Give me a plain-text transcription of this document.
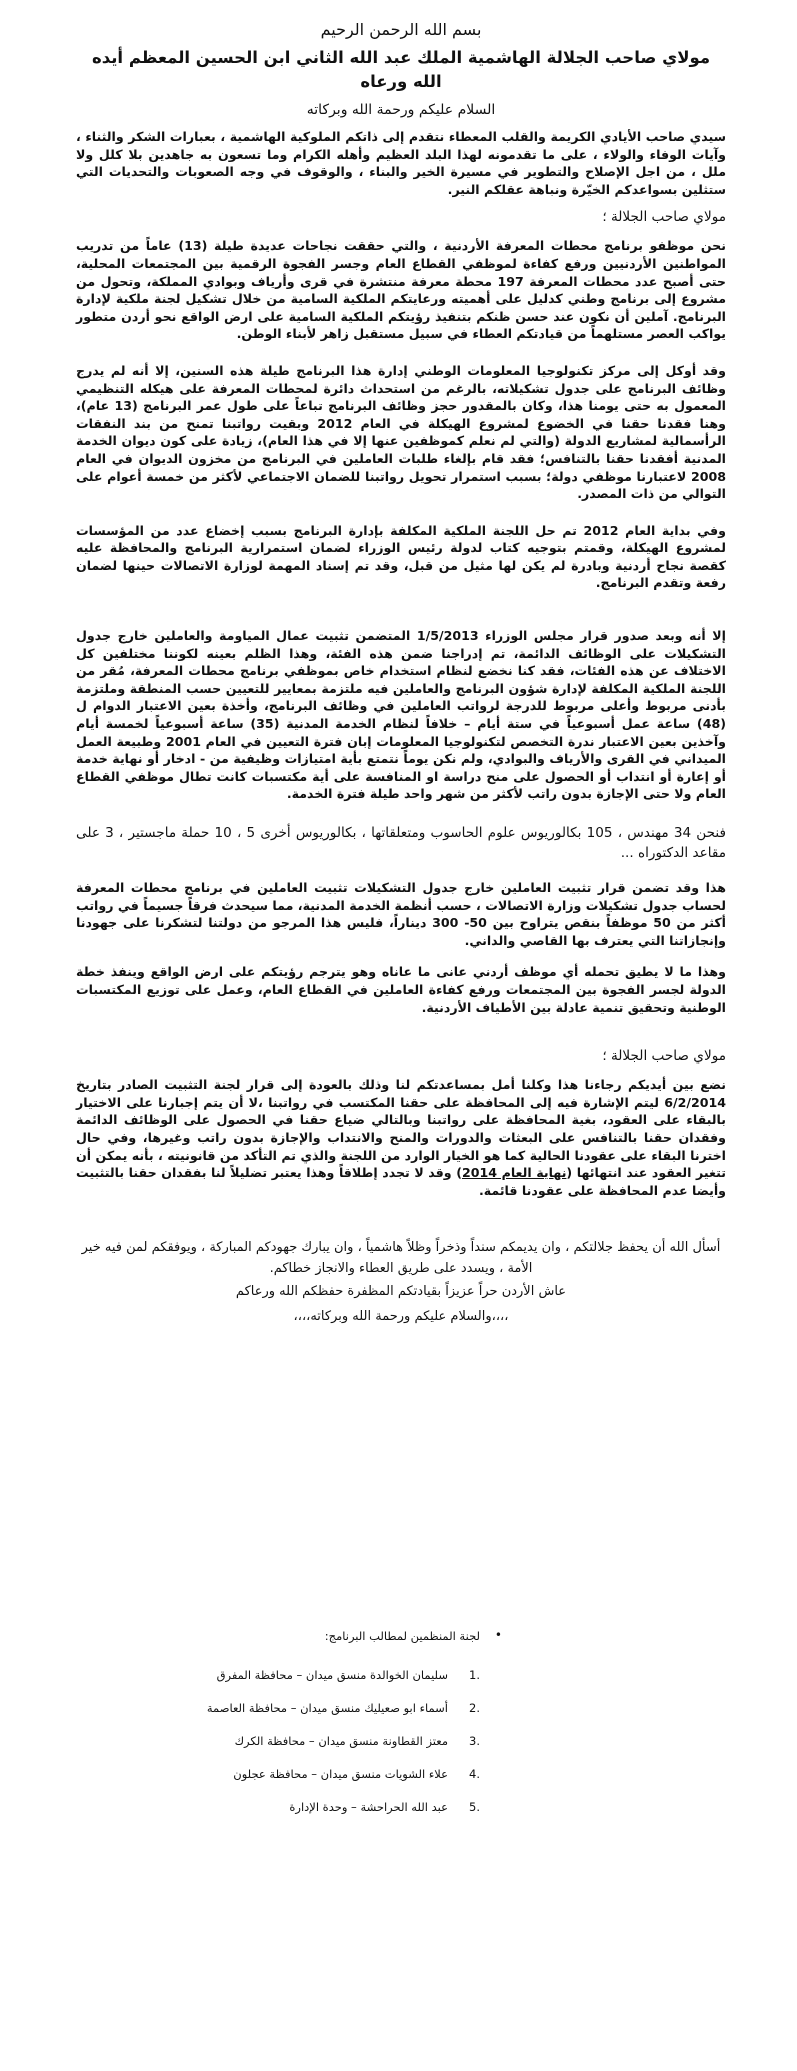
بسم الله الرحمن الرحيم
مولاي صاحب الجلالة الهاشمية الملك عبد الله الثاني ابن الحسين المعظم أيده الله ورعاه
السلام عليكم ورحمة الله وبركاته

سيدي صاحب الأيادي الكريمة والقلب المعطاء نتقدم إلى ذاتكم الملوكية الهاشمية ، بعبارات الشكر والثناء ، وآيات الوفاء والولاء ، على ما تقدمونه لهذا البلد العظيم وأهله الكرام وما تسعون به جاهدين بلا كلل ولا ملل ، من اجل الإصلاح والتطوير في مسيرة الخير والبناء ، والوقوف في وجه الصعوبات والتحديات التي ستثلين بسواعدكم الخيّرة ونباهة عقلكم النير.

مولاي صاحب الجلالة ؛

نحن موظفو برنامج محطات المعرفة الأردنية ، والتي حققت نجاحات عديدة طيلة (13) عاماً من تدريب المواطنين الأردنيين ورفع كفاءة لموظفي القطاع العام وجسر الفجوة الرقمية بين المجتمعات المحلية، حتى أصبح عدد محطات المعرفة 197 محطة معرفة منتشرة في قرى وأرياف وبوادي المملكة، وتحول من مشروع إلى برنامج وطني كدليل على أهميته ورعايتكم الملكية السامية من خلال تشكيل لجنة ملكية لإدارة البرنامج. آملين أن نكون عند حسن ظنكم بتنفيذ رؤيتكم الملكية السامية على ارض الواقع نحو أردن متطور يواكب العصر مستلهماً من قيادتكم العطاء في سبيل مستقبل زاهر لأبناء الوطن.

وقد أوكل إلى مركز تكنولوجيا المعلومات الوطني إدارة هذا البرنامج طيلة هذه السنين، إلا أنه لم يدرج وظائف البرنامج على جدول تشكيلاته، بالرغم من استحداث دائرة لمحطات المعرفة على هيكله التنظيمي المعمول به حتى يومنا هذا، وكان بالمقدور حجز وظائف البرنامج تباعاً على طول عمر البرنامج (13 عام)، وهنا فقدنا حقنا في الخضوع لمشروع الهيكلة في العام 2012 وبقيت رواتبنا تمنح من بند النفقات الرأسمالية لمشاريع الدولة (والتي لم نعلم كموظفين عنها إلا في هذا العام)، زيادة على كون ديوان الخدمة المدنية أفقدنا حقنا بالتنافس؛ فقد قام بإلغاء طلبات العاملين في البرنامج من مخزون الديوان في العام 2008 لاعتبارنا موظفي دولة؛ بسبب استمرار تحويل رواتبنا للضمان الاجتماعي لأكثر من خمسة أعوام على التوالي من ذات المصدر.

وفي بداية العام 2012 تم حل اللجنة الملكية المكلفة بإدارة البرنامج بسبب إخضاع عدد من المؤسسات لمشروع الهيكلة، وقمتم بتوجيه كتاب لدولة رئيس الوزراء لضمان استمرارية البرنامج والمحافظة عليه كقصة نجاح أردنية وبادرة لم يكن لها مثيل من قبل، وقد تم إسناد المهمة لوزارة الاتصالات حينها لضمان رفعة وتقدم البرنامج.

إلا أنه وبعد صدور قرار مجلس الوزراء 1/5/2013 المتضمن تثبيت عمال المياومة والعاملين خارج جدول التشكيلات على الوظائف الدائمة، تم إدراجنا ضمن هذه الفئة، وهذا الظلم بعينه لكوننا مختلفين كل الاختلاف عن هذه الفئات، فقد كنا نخضع لنظام استخدام خاص بموظفي برنامج محطات المعرفة، مُقر من اللجنة الملكية المكلفة لإدارة شؤون البرنامج والعاملين فيه ملتزمة بمعايير للتعيين حسب المنطقة وملتزمة بأدنى مربوط وأعلى مربوط للدرجة لرواتب العاملين في وظائف البرنامج، وأخذة بعين الاعتبار الدوام ل (48) ساعة عمل أسبوعياً في ستة أيام – خلافاً لنظام الخدمة المدنية (35) ساعة أسبوعياً لخمسة أيام وآخذين بعين الاعتبار ندرة التخصص لتكنولوجيا المعلومات إبان فترة التعيين في العام 2001 وطبيعة العمل الميداني في القرى والأرياف والبوادي، ولم نكن يوماً نتمتع بأية امتيازات وظيفية من - ادخار أو نهاية خدمة أو إعارة أو انتداب أو الحصول على منح دراسة او المنافسة على أية مكتسبات كانت تطال موظفي القطاع العام ولا حتى الإجازة بدون راتب لأكثر من شهر واحد طيلة فترة الخدمة.

فنحن 34 مهندس ، 105 بكالوريوس علوم الحاسوب ومتعلقاتها ، بكالوريوس أخرى 5 ، 10 حملة ماجستير ، 3 على مقاعد الدكتوراه ...

هذا وقد تضمن قرار تثبيت العاملين خارج جدول التشكيلات تثبيت العاملين في برنامج محطات المعرفة لحساب جدول تشكيلات وزارة الاتصالات ، حسب أنظمة الخدمة المدنية، مما سيحدث فرقاً جسيماً في رواتب أكثر من 50 موظفاً بنقص يتراوح بين 50- 300 ديناراً، فليس هذا المرجو من دولتنا لتشكرنا على جهودنا وإنجازاتنا التي يعترف بها القاصي والداني.

وهذا ما لا يطيق تحمله أي موظف أردني عانى ما عاناه وهو يترجم رؤيتكم على ارض الواقع وينفذ خطة الدولة لجسر الفجوة بين المجتمعات ورفع كفاءة العاملين في القطاع العام، وعمل على توزيع المكتسبات الوطنية وتحقيق تنمية عادلة بين الأطياف الأردنية.

مولاي صاحب الجلالة ؛

نضع بين أيديكم رجاءنا هذا وكلنا أمل بمساعدتكم لنا وذلك بالعودة إلى قرار لجنة التثبيت الصادر بتاريخ 6/2/2014 ليتم الإشارة فيه إلى المحافظة على حقنا المكتسب في رواتبنا ،لا أن يتم إجبارنا على الاختيار بالبقاء على العقود، بغية المحافظة على رواتبنا وبالتالي ضياع حقنا في الحصول على الوظائف الدائمة وفقدان حقنا بالتنافس على البعثات والدورات والمنح والانتداب والإجازة بدون راتب وغيرها، وفي حال اخترنا البقاء على عقودنا الحالية كما هو الخيار الوارد من اللجنة والذي تم التأكد من قانونيته ، بأنه يمكن أن تتغير العقود عند انتهائها (نهاية العام 2014) وقد لا تجدد إطلاقاً وهذا يعتبر تضليلاً لنا بفقدان حقنا بالتثبيت وأيضا عدم المحافظة على عقودنا قائمة.

أسأل الله أن يحفظ جلالتكم ، وان يديمكم سنداً وذخراً وظلاً هاشمياً ، وان يبارك جهودكم المباركة ، ويوفقكم لمن فيه خير الأمة ، ويسدد على طريق العطاء والانجاز خطاكم.

عاش الأردن حراً عزيزاً بقيادتكم المظفرة حفظكم الله ورعاكم

،،،،والسلام عليكم ورحمة الله وبركاته،،،،

•
لجنة المنظمين لمطالب البرنامج:
1.
سليمان الخوالدة منسق ميدان – محافظة المفرق
2.
أسماء ابو صعيليك منسق ميدان – محافظة العاصمة
3.
معتز القطاونة منسق ميدان – محافظة الكرك
4.
علاء الشويات منسق ميدان – محافظة عجلون
5.
عبد الله الحراحشة – وحدة الإدارة
